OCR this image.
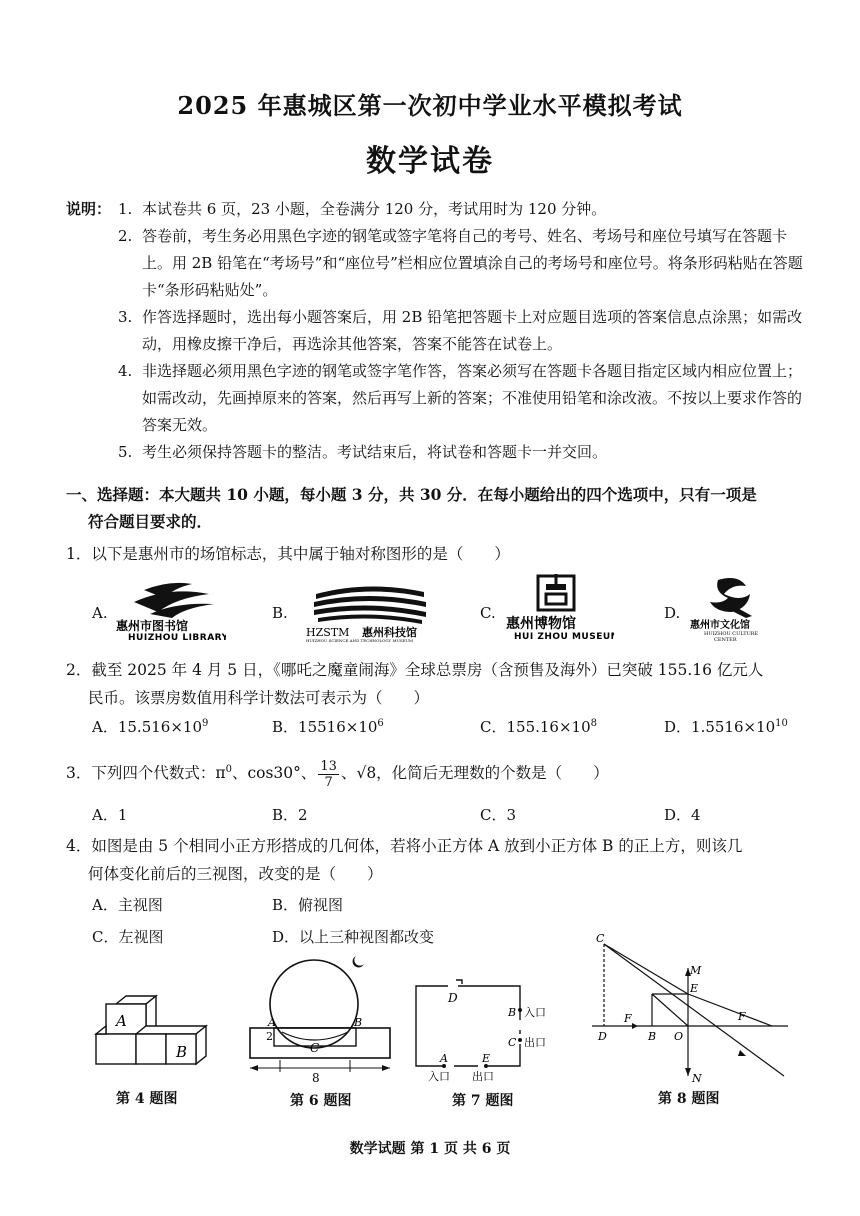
2025 年惠城区第一次初中学业水平模拟考试
数学试卷
说明： 1. 本试卷共 6 页，23 小题，全卷满分 120 分，考试用时为 120 分钟。
2. 答卷前，考生务必用黑色字迹的钢笔或签字笔将自己的考号、姓名、考场号和座位号填写在答题卡上。用 2B 铅笔在“考场号”和“座位号”栏相应位置填涂自己的考场号和座位号。将条形码粘贴在答题卡“条形码粘贴处”。
3. 作答选择题时，选出每小题答案后，用 2B 铅笔把答题卡上对应题目选项的答案信息点涂黑；如需改动，用橡皮擦干净后，再选涂其他答案，答案不能答在试卷上。
4. 非选择题必须用黑色字迹的钢笔或签字笔作答，答案必须写在答题卡各题目指定区域内相应位置上；如需改动，先画掉原来的答案，然后再写上新的答案；不准使用铅笔和涂改液。不按以上要求作答的答案无效。
5. 考生必须保持答题卡的整洁。考试结束后，将试卷和答题卡一并交回。
一、选择题：本大题共 10 小题，每小题 3 分，共 30 分．在每小题给出的四个选项中，只有一项是
符合题目要求的．
1．以下是惠州市的场馆标志，其中属于轴对称图形的是（　　）
A.
惠州市图书馆
HUIZHOU LIBRARY
B.
HZSTM 惠州科技馆
HUIZHOU SCIENCE AND TECHNOLOGY MUSEUM
C.
惠州博物馆
HUI ZHOU MUSEUM
D.
惠州市文化馆
HUIZHOU CULTURE
CENTER
2．截至 2025 年 4 月 5 日，《哪吒之魔童闹海》全球总票房（含预售及海外）已突破 155.16 亿元人
民币。该票房数值用科学计数法可表示为（　　）
A．$15.516\times 10^9$	B．$15516\times 10^6$	C．$155.16\times 10^8$	D．$1.5516\times 10^{10}$
3．下列四个代数式：$\pi^0$、cos30°、 $\frac{13}{7}$ 、√8，化简后无理数的个数是（　　）
A．1	B．2	C．3	D．4
4．如图是由 5 个相同小正方形搭成的几何体，若将小正方体 A 放到小正方体 B 的正上方，则该几
何体变化前后的三视图，改变的是（　　）
A．主视图	B．俯视图
C．左视图	D．以上三种视图都改变
A
B
第 4 题图
A	B
C
2
8
第 6 题图
D
B 入口
C 出口
A	E
入口 出口
第 7 题图
C
M
E
F
D	B O
F
N
第 8 题图
数学试题 第 1 页 共 6 页
